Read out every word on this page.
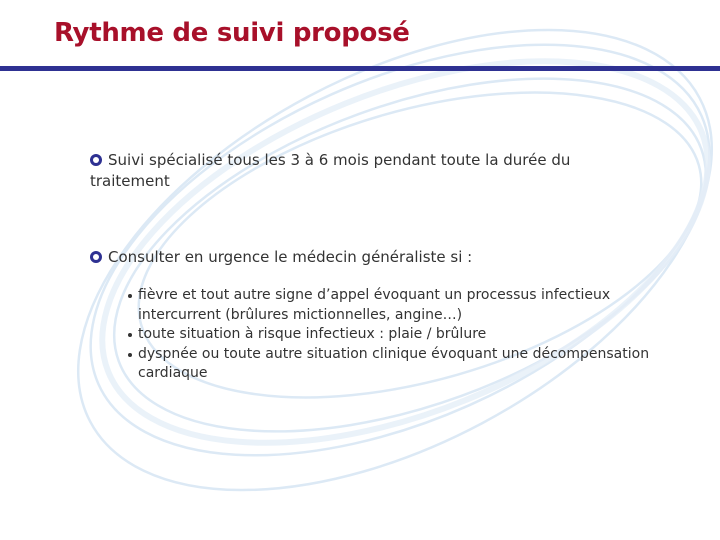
Rythme de suivi proposé
Suivi spécialisé tous les 3 à 6 mois pendant toute la durée du traitement
Consulter en urgence le médecin généraliste si :
fièvre et tout autre signe d’appel évoquant un processus infectieux intercurrent (brûlures mictionnelles, angine…)
toute situation à risque infectieux : plaie / brûlure
dyspnée ou toute autre situation clinique évoquant une décompensation cardiaque
